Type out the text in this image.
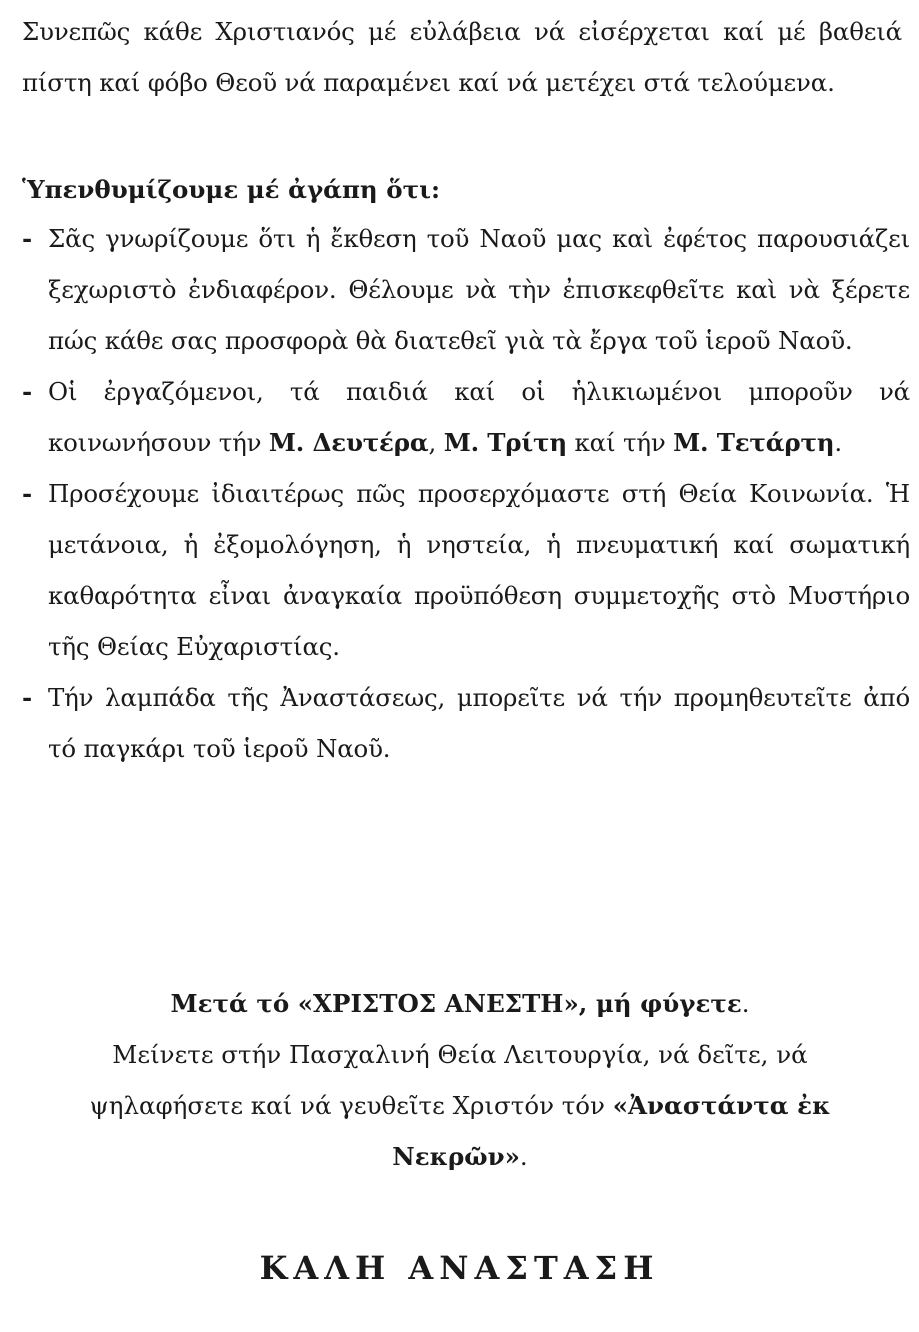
Συνεπῶς κάθε Χριστιανός μέ εὐλάβεια νά εἰσέρχεται καί μέ βαθειά πίστη καί φόβο Θεοῦ νά παραμένει καί νά μετέχει στά τελούμενα.

Ὑπενθυμίζουμε μέ ἀγάπη ὅτι:
- Σᾶς γνωρίζουμε ὅτι ἡ ἔκθεση τοῦ Ναοῦ μας καὶ ἐφέτος παρουσιάζει ξεχωριστὸ ἐνδιαφέρον. Θέλουμε νὰ τὴν ἐπισκεφθεῖτε καὶ νὰ ξέρετε πώς κάθε σας προσφορὰ θὰ διατεθεῖ γιὰ τὰ ἔργα τοῦ ἱεροῦ Ναοῦ.
- Οἱ ἐργαζόμενοι, τά παιδιά καί οἱ ἡλικιωμένοι μποροῦν νά κοινωνήσουν τήν Μ. Δευτέρα, Μ. Τρίτη καί τήν Μ. Τετάρτη.
- Προσέχουμε ἰδιαιτέρως πῶς προσερχόμαστε στή Θεία Κοινωνία. Ἡ μετάνοια, ἡ ἐξομολόγηση, ἡ νηστεία, ἡ πνευματική καί σωματική καθαρότητα εἶναι ἀναγκαία προϋπόθεση συμμετοχῆς στὸ Μυστήριο τῆς Θείας Εὐχαριστίας.
- Τήν λαμπάδα τῆς Ἀναστάσεως, μπορεῖτε νά τήν προμηθευτεῖτε ἀπό τό παγκάρι τοῦ ἱεροῦ Ναοῦ.
Μετά τό «ΧΡΙΣΤΟΣ ΑΝΕΣΤΗ», μή φύγετε.
Μείνετε στήν Πασχαλινή Θεία Λειτουργία, νά δεῖτε, νά ψηλαφήσετε καί νά γευθεῖτε Χριστόν τόν «Ἀναστάντα ἐκ Νεκρῶν».
ΚΑΛΗ ΑΝΑΣΤΑΣΗ
